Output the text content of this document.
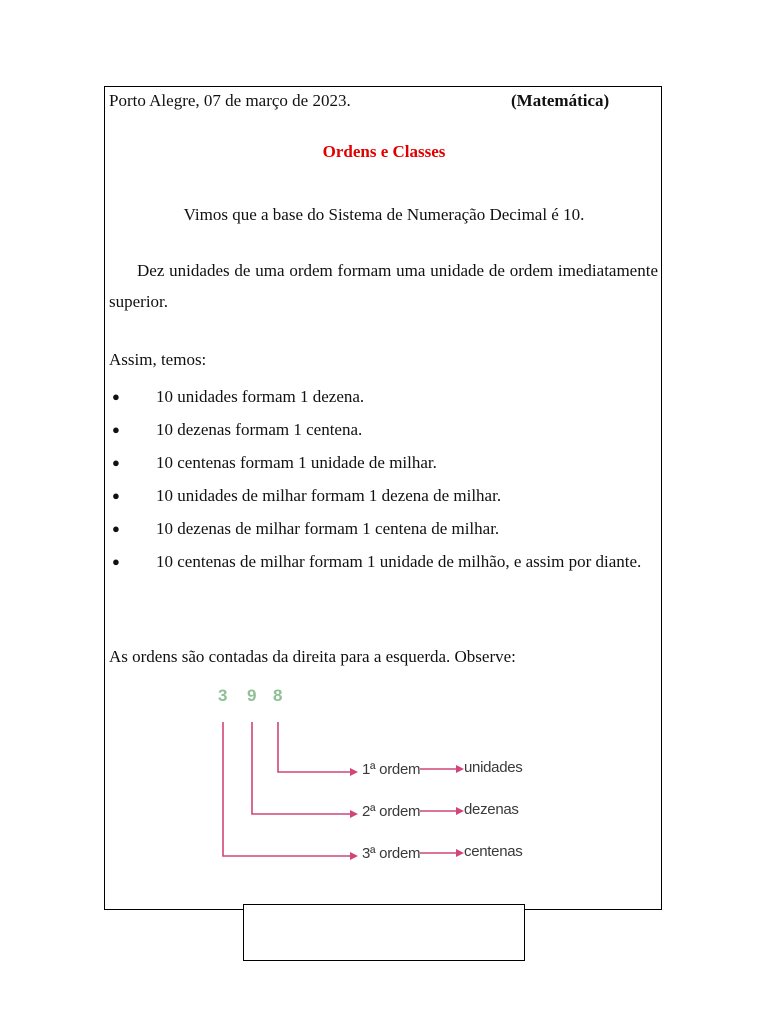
Porto Alegre, 07 de março de 2023.	(Matemática)
Ordens e Classes
Vimos que a base do Sistema de Numeração Decimal é 10.
Dez unidades de uma ordem formam uma unidade de ordem imediatamente superior.
Assim, temos:
● 10 unidades formam 1 dezena.
● 10 dezenas formam 1 centena.
● 10 centenas formam 1 unidade de milhar.
● 10 unidades de milhar formam 1 dezena de milhar.
● 10 dezenas de milhar formam 1 centena de milhar.
● 10 centenas de milhar formam 1 unidade de milhão, e assim por diante.
As ordens são contadas da direita para a esquerda. Observe:
3 9 8
1ª ordem	unidades
2ª ordem	dezenas
3ª ordem	centenas
